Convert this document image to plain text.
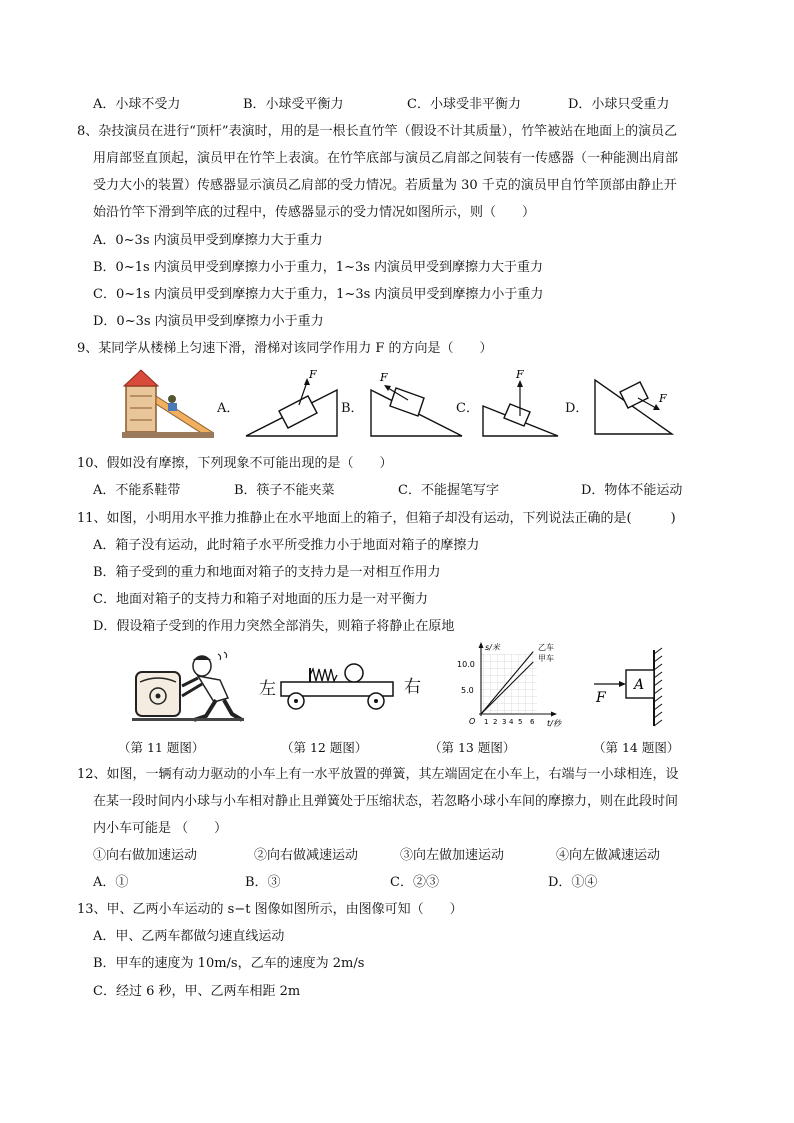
A．小球不受力	B．小球受平衡力	C．小球受非平衡力	D．小球只受重力
8、杂技演员在进行“顶杆”表演时，用的是一根长直竹竿（假设不计其质量），竹竿被站在地面上的演员乙
用肩部竖直顶起，演员甲在竹竿上表演。在竹竿底部与演员乙肩部之间装有一传感器（一种能测出肩部
受力大小的装置）传感器显示演员乙肩部的受力情况。若质量为 30 千克的演员甲自竹竿顶部由静止开
始沿竹竿下滑到竿底的过程中，传感器显示的受力情况如图所示，则（　　）
A．0~3s 内演员甲受到摩擦力大于重力
B．0~1s 内演员甲受到摩擦力小于重力，1~3s 内演员甲受到摩擦力大于重力
C．0~1s 内演员甲受到摩擦力大于重力，1~3s 内演员甲受到摩擦力小于重力
D．0~3s 内演员甲受到摩擦力小于重力
9、某同学从楼梯上匀速下滑，滑梯对该同学作用力 F 的方向是（　　）
A．
F
B．
F
C．
F
D．
F
10、假如没有摩擦，下列现象不可能出现的是（　　）
A．不能系鞋带	B．筷子不能夹菜	C．不能握笔写字	D．物体不能运动
11、如图，小明用水平推力推静止在水平地面上的箱子，但箱子却没有运动，下列说法正确的是(　　　)
A．箱子没有运动，此时箱子水平所受推力小于地面对箱子的摩擦力
B．箱子受到的重力和地面对箱子的支持力是一对相互作用力
C．地面对箱子的支持力和箱子对地面的压力是一对平衡力
D．假设箱子受到的作用力突然全部消失，则箱子将静止在原地
左	右
s/米
t/秒
O
10.0
5.0
1 2 3 4 5 6
乙车
甲车
A
F
（第 11 题图）	（第 12 题图）	（第 13 题图）	（第 14 题图）
12、如图，一辆有动力驱动的小车上有一水平放置的弹簧，其左端固定在小车上，右端与一小球相连，设
在某一段时间内小球与小车相对静止且弹簧处于压缩状态，若忽略小球小车间的摩擦力，则在此段时间
内小车可能是 （　　）
①向右做加速运动	②向右做减速运动	③向左做加速运动	④向左做减速运动
A．①	B．③	C．②③	D．①④
13、甲、乙两小车运动的 s−t 图像如图所示，由图像可知（　　）
A．甲、乙两车都做匀速直线运动
B．甲车的速度为 10m/s，乙车的速度为 2m/s
C．经过 6 秒，甲、乙两车相距 2m
